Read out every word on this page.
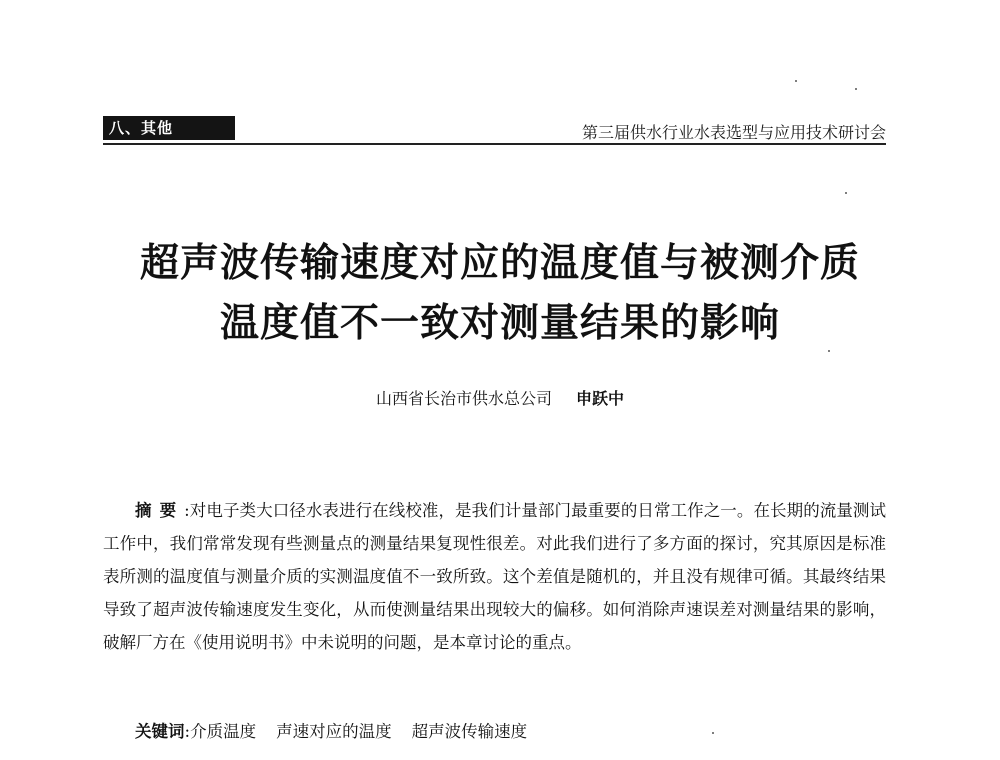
八、其他	第三届供水行业水表选型与应用技术研讨会
超声波传输速度对应的温度值与被测介质
温度值不一致对测量结果的影响
山西省长治市供水总公司 申跃中

摘要:对电子类大口径水表进行在线校准，是我们计量部门最重要的日常工作之一。在长期的流量测试工作中，我们常常发现有些测量点的测量结果复现性很差。对此我们进行了多方面的探讨，究其原因是标准表所测的温度值与测量介质的实测温度值不一致所致。这个差值是随机的，并且没有规律可循。其最终结果导致了超声波传输速度发生变化，从而使测量结果出现较大的偏移。如何消除声速误差对测量结果的影响，破解厂方在《使用说明书》中未说明的问题，是本章讨论的重点。

关键词:介质温度 声速对应的温度 超声波传输速度
